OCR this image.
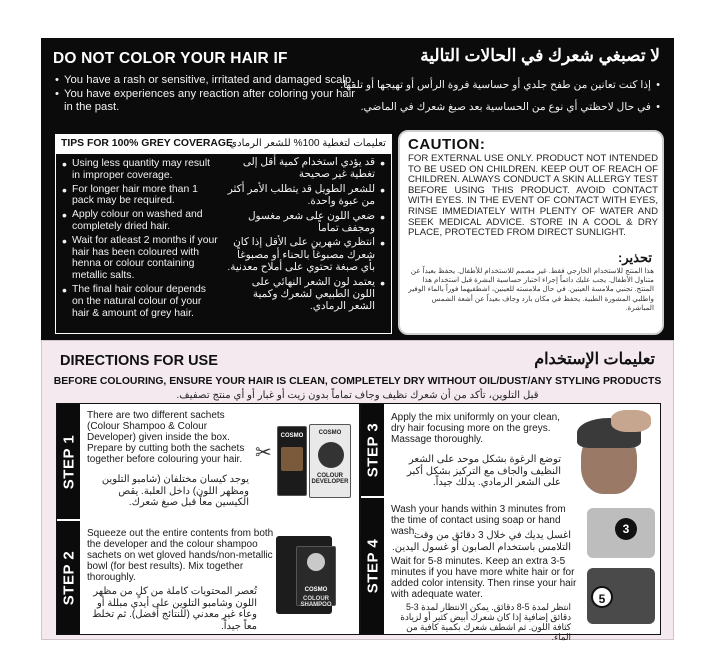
DO NOT COLOR YOUR HAIR IF	لا تصبغي شعرك في الحالات التالية
• You have a rash or sensitive, irritated and damaged scalp.
• You have experiences any reaction after coloring your hair in the past.
• إذا كنت تعانين من طفح جلدي أو حساسية فروة الرأس أو تهيجها أو تلفها.
• في حال لاحظتي أي نوع من الحساسية بعد صبغ شعرك في الماضي.
TIPS FOR 100% GREY COVERAGE
تعليمات لتغطية 100% للشعر الرمادي
• Using less quantity may result in improper coverage.
• For longer hair more than 1 pack may be required.
• Apply colour on washed and completely dried hair.
• Wait for atleast 2 months if your hair has been coloured with henna or colour containing metallic salts.
• The final hair colour depends on the natural colour of your hair & amount of grey hair.
• قد يؤدي استخدام كمية أقل إلى تغطية غير صحيحة
• للشعر الطويل قد يتطلب الأمر أكثر من عبوة واحدة.
• ضعي اللون على شعر مغسول ومجفف تماماً
• انتظري شهرين على الأقل إذا كان شعرك مصبوغاً بالحناء أو مصبوغاً بأي صبغة تحتوي على أملاح معدنية.
• يعتمد لون الشعر النهائي على اللون الطبيعي لشعرك وكمية الشعر الرمادي.
CAUTION:
FOR EXTERNAL USE ONLY. PRODUCT NOT INTENDED TO BE USED ON CHILDREN. KEEP OUT OF REACH OF CHILDREN. ALWAYS CONDUCT A SKIN ALLERGY TEST BEFORE USING THIS PRODUCT. AVOID CONTACT WITH EYES. IN THE EVENT OF CONTACT WITH EYES, RINSE IMMEDIATELY WITH PLENTY OF WATER AND SEEK MEDICAL ADVICE. STORE IN A COOL & DRY PLACE, PROTECTED FROM DIRECT SUNLIGHT.
تحذير:
هذا المنتج للاستخدام الخارجي فقط. غير مصمم للاستخدام للأطفال. يحفظ بعيداً عن متناول الأطفال. يجب عليك دائماً إجراء اختبار حساسية البشرة قبل استخدام هذا المنتج. تجنبي ملامسة العينين. في حال ملامسته للعينين، اشطفيهما فوراً بالماء الوفير واطلبي المشورة الطبية. يحفظ في مكان بارد وجاف بعيداً عن أشعة الشمس المباشرة.
DIRECTIONS FOR USE	تعليمات الإستخدام
BEFORE COLOURING, ENSURE YOUR HAIR IS CLEAN, COMPLETELY DRY WITHOUT OIL/DUST/ANY STYLING PRODUCTS
قبل التلوين، تأكد من أن شعرك نظيف وجاف تماماً بدون زيت أو غبار أو أي منتج تصفيف.
STEP 1
There are two different sachets (Colour Shampoo & Colour Developer) given inside the box. Prepare by cutting both the sachets together before colouring your hair.
يوجد كيسان مختلفان (شامبو التلوين ومظهر اللون) داخل العلبة. يقص الكيسين معاً قبل صبغ شعرك.
✂
COSMO	COSMO
COLOUR DEVELOPER
STEP 2
Squeeze out the entire contents from both the developer and the colour shampoo sachets on wet gloved hands/non-metallic bowl (for best results). Mix together thoroughly.
تُعصر المحتويات كاملة من كلٍ من مظهر اللون وشامبو التلوين على أيدي مبللة أو وعاء غير معدني (للنتائج أفضل). ثم تخلط معاً جيداً.
COSMO
COLOUR SHAMPOO
STEP 3
Apply the mix uniformly on your clean, dry hair focusing more on the greys. Massage thoroughly.
توضع الرغوة بشكل موحد على الشعر النظيف والجاف مع التركيز بشكل أكبر على الشعر الرمادي. يدلك جيداً.
STEP 4
Wash your hands within 3 minutes from the time of contact using soap or hand wash.
اغسل يديك في خلال 3 دقائق من وقت التلامس باستخدام الصابون أو غسول اليدين.
Wait for 5-8 minutes. Keep an extra 3-5 minutes if you have more white hair or for added color intensity. Then rinse your hair with adequate water.
انتظر لمدة 5-8 دقائق. يمكن الانتظار لمدة 3-5 دقائق إضافية إذا كان شعرك أبيض كثير أو لزيادة كثافة اللون. ثم اشطف شعرك بكمية كافية من الماء.
3
5
